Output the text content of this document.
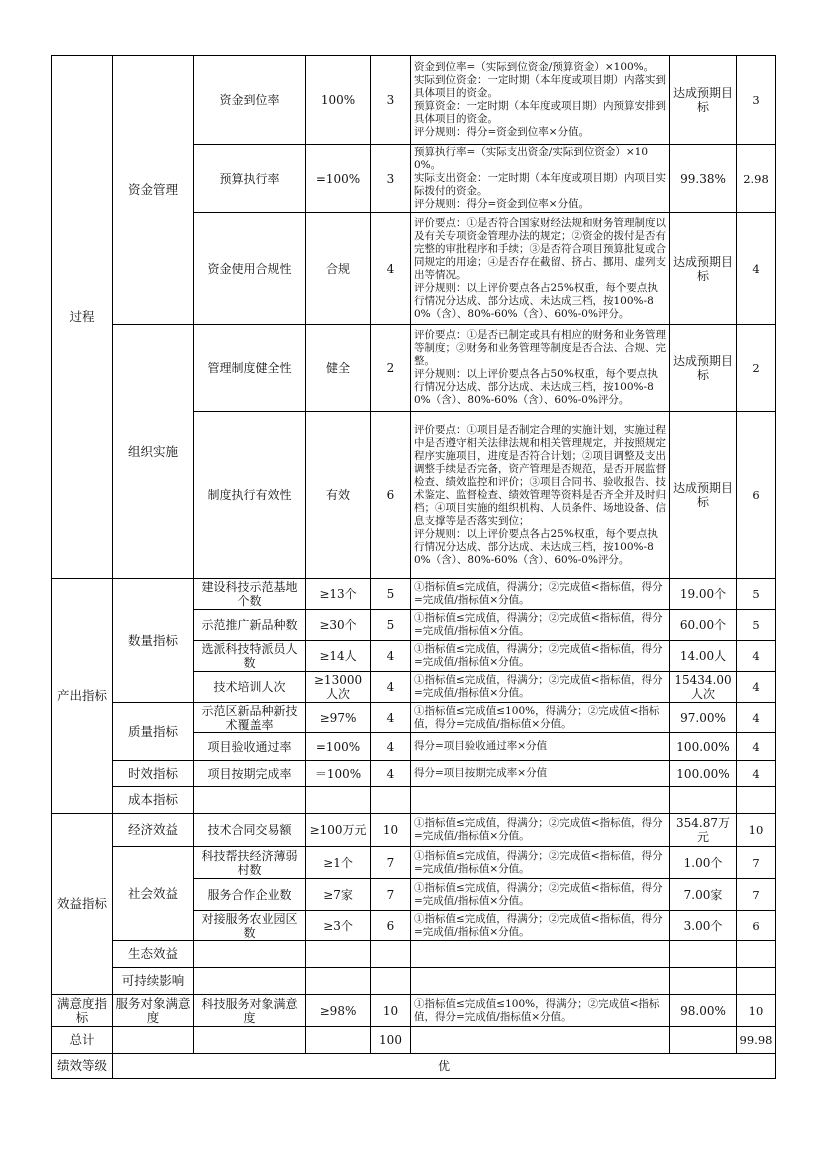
过程	资金管理	资金到位率	100%	3	资金到位率=（实际到位资金/预算资金）×100%。
实际到位资金：一定时期（本年度或项目期）内落实到具体项目的资金。
预算资金：一定时期（本年度或项目期）内预算安排到具体项目的资金。
评分规则：得分=资金到位率×分值。	达成预期目标	3
		预算执行率	=100%	3	预算执行率=（实际支出资金/实际到位资金）×100%。
实际支出资金：一定时期（本年度或项目期）内项目实际拨付的资金。
评分规则：得分=资金到位率×分值。	99.38%	2.98
		资金使用合规性	合规	4	评价要点：①是否符合国家财经法规和财务管理制度以及有关专项资金管理办法的规定；②资金的拨付是否有完整的审批程序和手续；③是否符合项目预算批复或合同规定的用途；④是否存在截留、挤占、挪用、虚列支出等情况。
评分规则：以上评价要点各占25%权重，每个要点执行情况分达成、部分达成、未达成三档，按100%-80%（含）、80%-60%（含）、60%-0%评分。	达成预期目标	4
	组织实施	管理制度健全性	健全	2	评价要点：①是否已制定或具有相应的财务和业务管理等制度；②财务和业务管理等制度是否合法、合规、完整。
评分规则：以上评价要点各占50%权重，每个要点执行情况分达成、部分达成、未达成三档，按100%-80%（含）、80%-60%（含）、60%-0%评分。	达成预期目标	2
		制度执行有效性	有效	6	评价要点：①项目是否制定合理的实施计划，实施过程中是否遵守相关法律法规和相关管理规定，并按照规定程序实施项目，进度是否符合计划；②项目调整及支出调整手续是否完备，资产管理是否规范，是否开展监督检查、绩效监控和评价；③项目合同书、验收报告、技术鉴定、监督检查、绩效管理等资料是否齐全并及时归档；④项目实施的组织机构、人员条件、场地设备、信息支撑等是否落实到位；
评分规则：以上评价要点各占25%权重，每个要点执行情况分达成、部分达成、未达成三档，按100%-80%（含）、80%-60%（含）、60%-0%评分。	达成预期目标	6
产出指标	数量指标	建设科技示范基地个数	≥13个	5	①指标值≤完成值，得满分；②完成值<指标值，得分=完成值/指标值×分值。	19.00个	5
		示范推广新品种数	≥30个	5	①指标值≤完成值，得满分；②完成值<指标值，得分=完成值/指标值×分值。	60.00个	5
		选派科技特派员人数	≥14人	4	①指标值≤完成值，得满分；②完成值<指标值，得分=完成值/指标值×分值。	14.00人	4
		技术培训人次	≥13000人次	4	①指标值≤完成值，得满分；②完成值<指标值，得分=完成值/指标值×分值。	15434.00人次	4
	质量指标	示范区新品种新技术覆盖率	≥97%	4	①指标值≤完成值≤100%，得满分；②完成值<指标值，得分=完成值/指标值×分值。	97.00%	4
		项目验收通过率	=100%	4	得分=项目验收通过率×分值	100.00%	4
	时效指标	项目按期完成率	＝100%	4	得分=项目按期完成率×分值	100.00%	4
	成本指标						
效益指标	经济效益	技术合同交易额	≥100万元	10	①指标值≤完成值，得满分；②完成值<指标值，得分=完成值/指标值×分值。	354.87万元	10
	社会效益	科技帮扶经济薄弱村数	≥1个	7	①指标值≤完成值，得满分；②完成值<指标值，得分=完成值/指标值×分值。	1.00个	7
		服务合作企业数	≥7家	7	①指标值≤完成值，得满分；②完成值<指标值，得分=完成值/指标值×分值。	7.00家	7
		对接服务农业园区数	≥3个	6	①指标值≤完成值，得满分；②完成值<指标值，得分=完成值/指标值×分值。	3.00个	6
	生态效益						
	可持续影响						
满意度指标	服务对象满意度	科技服务对象满意度	≥98%	10	①指标值≤完成值≤100%，得满分；②完成值<指标值，得分=完成值/指标值×分值。	98.00%	10
总计				100			99.98
绩效等级	优						
